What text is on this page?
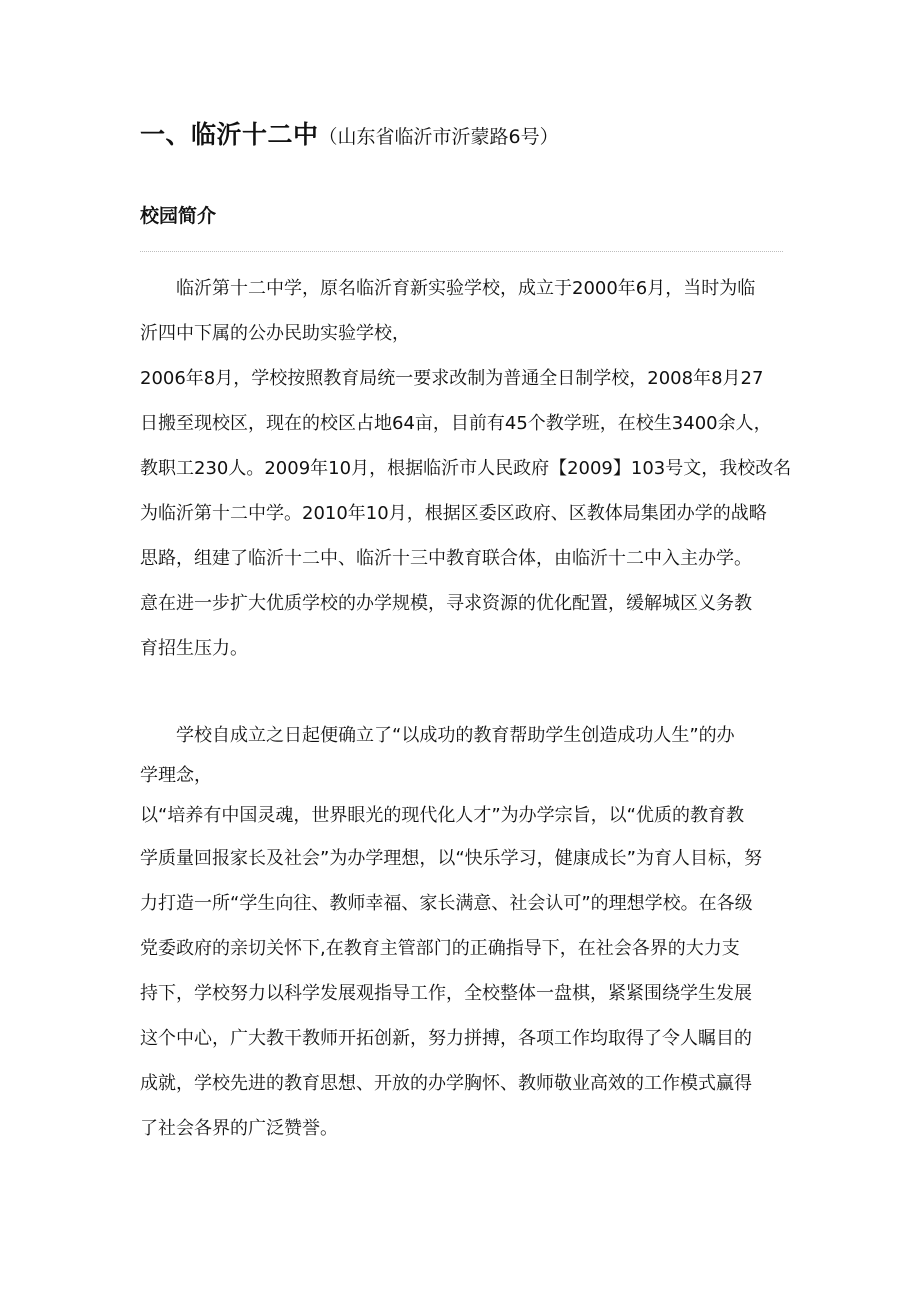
一、临沂十二中（山东省临沂市沂蒙路6号）
校园简介
临沂第十二中学，原名临沂育新实验学校，成立于2000年6月，当时为临
沂四中下属的公办民助实验学校，
2006年8月，学校按照教育局统一要求改制为普通全日制学校，2008年8月27
日搬至现校区，现在的校区占地64亩，目前有45个教学班，在校生3400余人，
教职工230人。2009年10月，根据临沂市人民政府【2009】103号文，我校改名
为临沂第十二中学。2010年10月，根据区委区政府、区教体局集团办学的战略
思路，组建了临沂十二中、临沂十三中教育联合体，由临沂十二中入主办学。
意在进一步扩大优质学校的办学规模，寻求资源的优化配置，缓解城区义务教
育招生压力。
学校自成立之日起便确立了“以成功的教育帮助学生创造成功人生”的办
学理念，
以“培养有中国灵魂，世界眼光的现代化人才”为办学宗旨，以“优质的教育教
学质量回报家长及社会”为办学理想，以“快乐学习，健康成长”为育人目标，努
力打造一所“学生向往、教师幸福、家长满意、社会认可”的理想学校。在各级
党委政府的亲切关怀下,在教育主管部门的正确指导下，在社会各界的大力支
持下，学校努力以科学发展观指导工作，全校整体一盘棋，紧紧围绕学生发展
这个中心，广大教干教师开拓创新，努力拼搏，各项工作均取得了令人瞩目的
成就，学校先进的教育思想、开放的办学胸怀、教师敬业高效的工作模式赢得
了社会各界的广泛赞誉。
